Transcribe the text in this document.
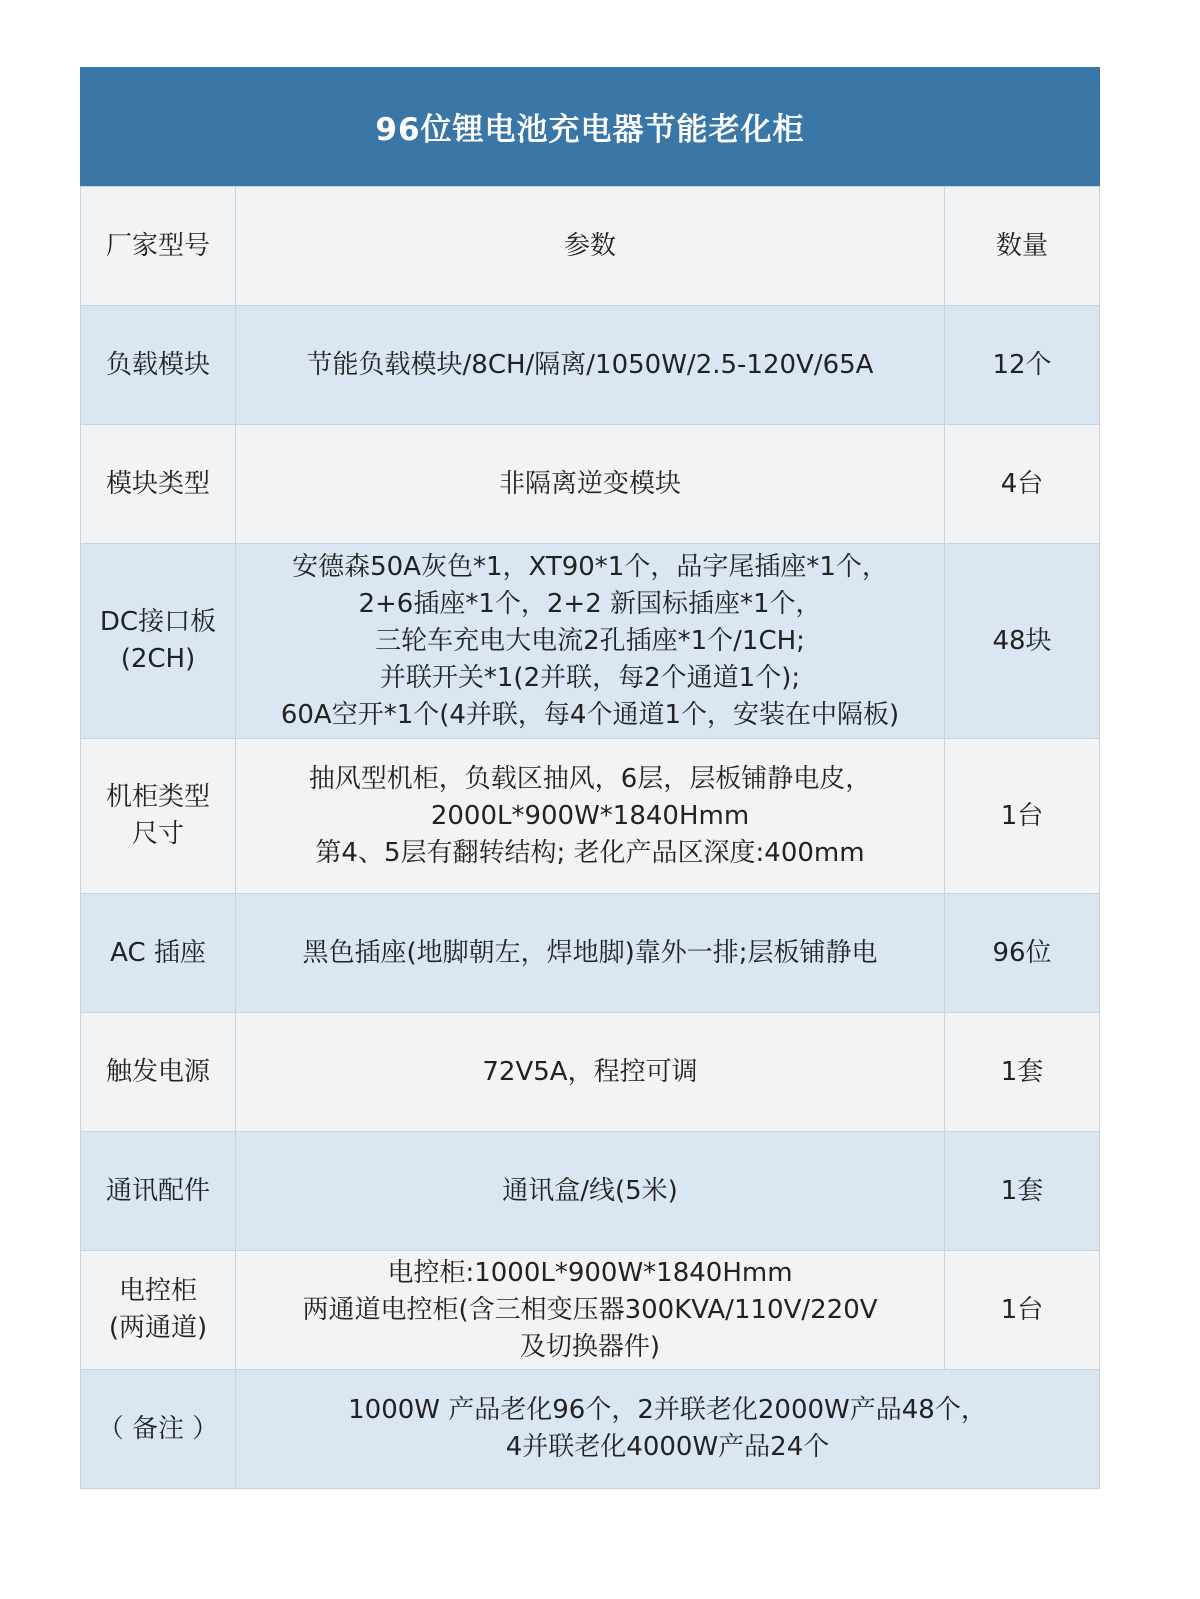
96位锂电池充电器节能老化柜
厂家型号	参数	数量

负载模块	节能负载模块/8CH/隔离/1050W/2.5-120V/65A	12个

模块类型	非隔离逆变模块	4台

DC接口板
(2CH)	安德森50A灰色*1，XT90*1个，品字尾插座*1个，
2+6插座*1个，2+2 新国标插座*1个，
三轮车充电大电流2孔插座*1个/1CH;
并联开关*1(2并联，每2个通道1个);
60A空开*1个(4并联，每4个通道1个，安装在中隔板)	48块

机柜类型
尺寸	抽风型机柜，负载区抽风，6层，层板铺静电皮，
2000L*900W*1840Hmm
第4、5层有翻转结构; 老化产品区深度:400mm	1台

AC 插座	黑色插座(地脚朝左，焊地脚)靠外一排;层板铺静电	96位

触发电源	72V5A，程控可调	1套

通讯配件	通讯盒/线(5米)	1套

电控柜
(两通道)	电控柜:1000L*900W*1840Hmm
两通道电控柜(含三相变压器300KVA/110V/220V
及切换器件)	1台
（ 备注 ）	1000W 产品老化96个，2并联老化2000W产品48个，
4并联老化4000W产品24个	
